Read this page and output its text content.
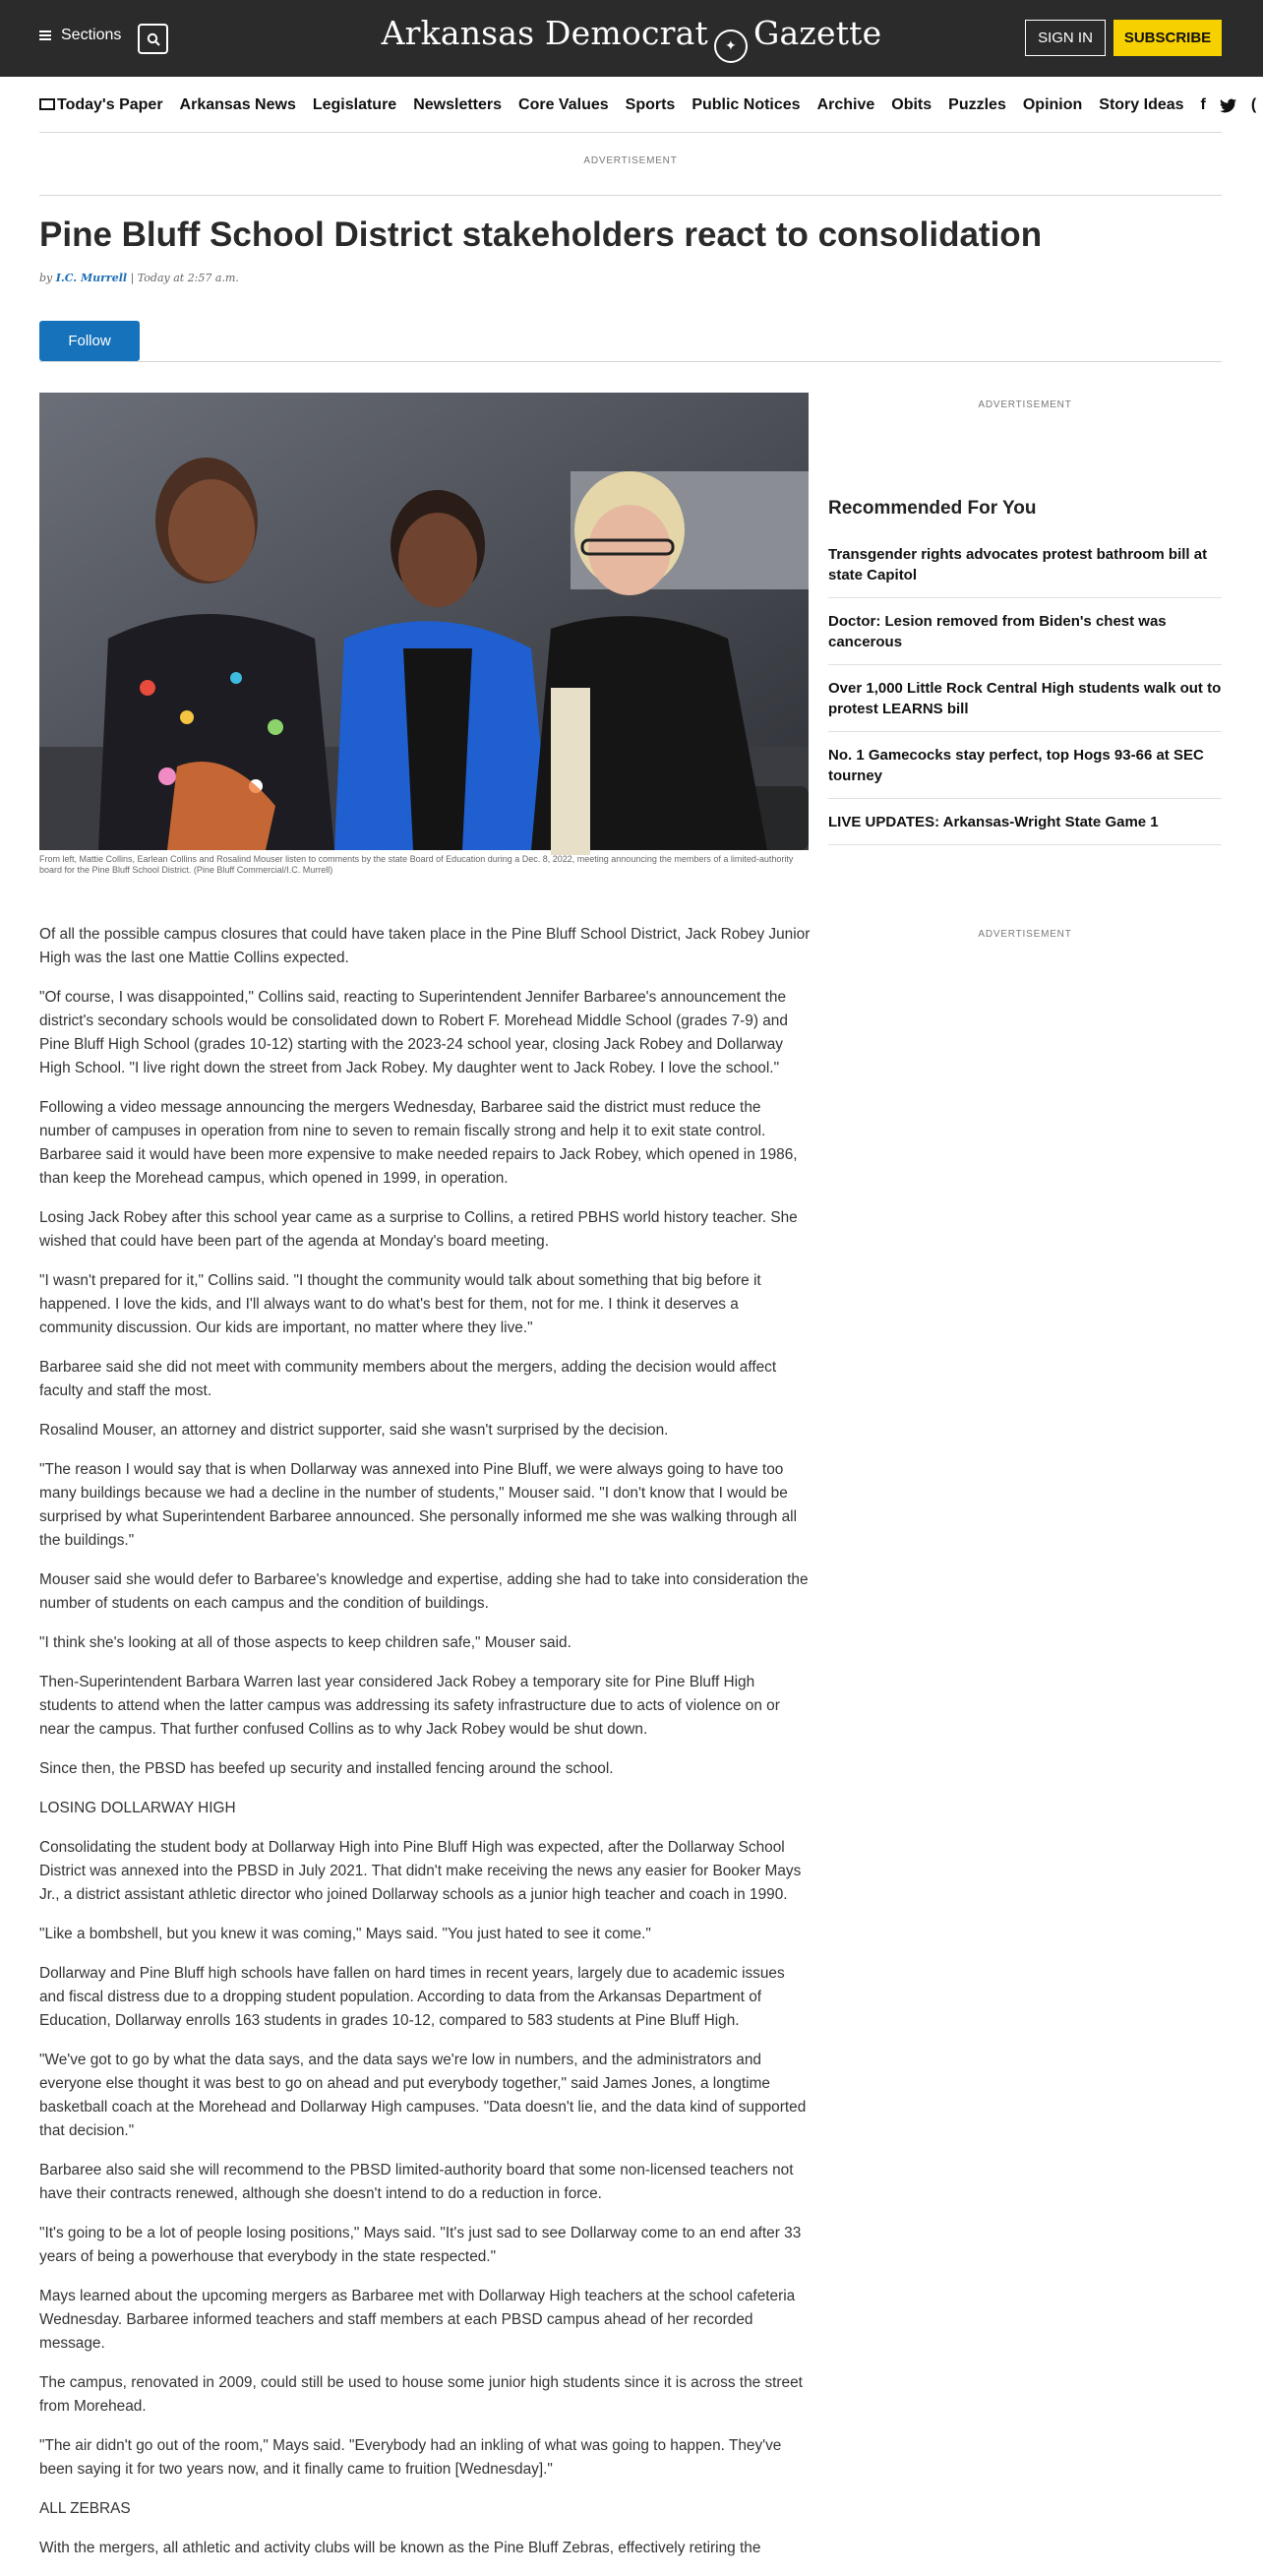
Sections	Arkansas Democrat ✦ Gazette	SIGN IN	SUBSCRIBE
Today's Paper Arkansas News Legislature Newsletters Core Values Sports Public Notices Archive Obits Puzzles Opinion Story Ideas f	(
ADVERTISEMENT
Pine Bluff School District stakeholders react to consolidation
by I.C. Murrell | Today at 2:57 a.m.
Follow
From left, Mattie Collins, Earlean Collins and Rosalind Mouser listen to comments by the state Board of Education during a Dec. 8, 2022, meeting announcing the members of a limited-authority board for the Pine Bluff School District. (Pine Bluff Commercial/I.C. Murrell)

Of all the possible campus closures that could have taken place in the Pine Bluff School District, Jack Robey Junior High was the last one Mattie Collins expected.

"Of course, I was disappointed," Collins said, reacting to Superintendent Jennifer Barbaree's announcement the district's secondary schools would be consolidated down to Robert F. Morehead Middle School (grades 7-9) and Pine Bluff High School (grades 10-12) starting with the 2023-24 school year, closing Jack Robey and Dollarway High School. "I live right down the street from Jack Robey. My daughter went to Jack Robey. I love the school."

Following a video message announcing the mergers Wednesday, Barbaree said the district must reduce the number of campuses in operation from nine to seven to remain fiscally strong and help it to exit state control. Barbaree said it would have been more expensive to make needed repairs to Jack Robey, which opened in 1986, than keep the Morehead campus, which opened in 1999, in operation.

Losing Jack Robey after this school year came as a surprise to Collins, a retired PBHS world history teacher. She wished that could have been part of the agenda at Monday's board meeting.

"I wasn't prepared for it," Collins said. "I thought the community would talk about something that big before it happened. I love the kids, and I'll always want to do what's best for them, not for me. I think it deserves a community discussion. Our kids are important, no matter where they live."

Barbaree said she did not meet with community members about the mergers, adding the decision would affect faculty and staff the most.

Rosalind Mouser, an attorney and district supporter, said she wasn't surprised by the decision.

"The reason I would say that is when Dollarway was annexed into Pine Bluff, we were always going to have too many buildings because we had a decline in the number of students," Mouser said. "I don't know that I would be surprised by what Superintendent Barbaree announced. She personally informed me she was walking through all the buildings."

Mouser said she would defer to Barbaree's knowledge and expertise, adding she had to take into consideration the number of students on each campus and the condition of buildings.

"I think she's looking at all of those aspects to keep children safe," Mouser said.

Then-Superintendent Barbara Warren last year considered Jack Robey a temporary site for Pine Bluff High students to attend when the latter campus was addressing its safety infrastructure due to acts of violence on or near the campus. That further confused Collins as to why Jack Robey would be shut down.

Since then, the PBSD has beefed up security and installed fencing around the school.

LOSING DOLLARWAY HIGH

Consolidating the student body at Dollarway High into Pine Bluff High was expected, after the Dollarway School District was annexed into the PBSD in July 2021. That didn't make receiving the news any easier for Booker Mays Jr., a district assistant athletic director who joined Dollarway schools as a junior high teacher and coach in 1990.

"Like a bombshell, but you knew it was coming," Mays said. "You just hated to see it come."

Dollarway and Pine Bluff high schools have fallen on hard times in recent years, largely due to academic issues and fiscal distress due to a dropping student population. According to data from the Arkansas Department of Education, Dollarway enrolls 163 students in grades 10-12, compared to 583 students at Pine Bluff High.

"We've got to go by what the data says, and the data says we're low in numbers, and the administrators and everyone else thought it was best to go on ahead and put everybody together," said James Jones, a longtime basketball coach at the Morehead and Dollarway High campuses. "Data doesn't lie, and the data kind of supported that decision."

Barbaree also said she will recommend to the PBSD limited-authority board that some non-licensed teachers not have their contracts renewed, although she doesn't intend to do a reduction in force.

"It's going to be a lot of people losing positions," Mays said. "It's just sad to see Dollarway come to an end after 33 years of being a powerhouse that everybody in the state respected."

Mays learned about the upcoming mergers as Barbaree met with Dollarway High teachers at the school cafeteria Wednesday. Barbaree informed teachers and staff members at each PBSD campus ahead of her recorded message.

The campus, renovated in 2009, could still be used to house some junior high students since it is across the street from Morehead.

"The air didn't go out of the room," Mays said. "Everybody had an inkling of what was going to happen. They've been saying it for two years now, and it finally came to fruition [Wednesday]."

ALL ZEBRAS

With the mergers, all athletic and activity clubs will be known as the Pine Bluff Zebras, effectively retiring the

ADVERTISEMENT
Recommended For You
Transgender rights advocates protest bathroom bill at state Capitol
Doctor: Lesion removed from Biden's chest was cancerous
Over 1,000 Little Rock Central High students walk out to protest LEARNS bill
No. 1 Gamecocks stay perfect, top Hogs 93-66 at SEC tourney
LIVE UPDATES: Arkansas-Wright State Game 1
ADVERTISEMENT
